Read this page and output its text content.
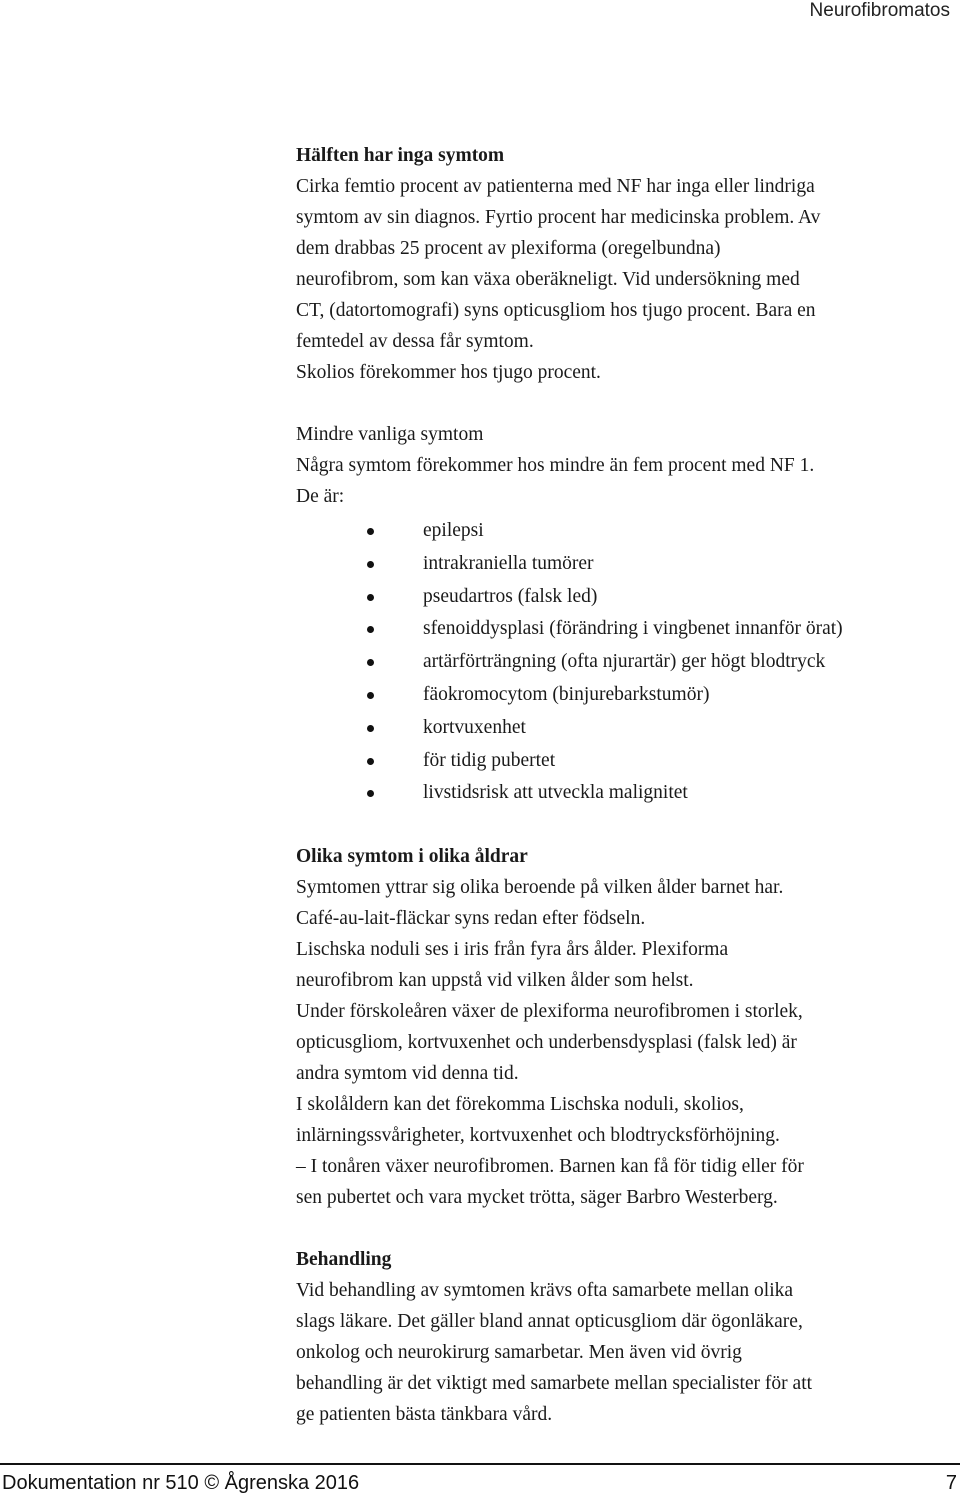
Neurofibromatos

Hälften har inga symtom

Cirka femtio procent av patienterna med NF har inga eller lindriga

symtom av sin diagnos. Fyrtio procent har medicinska problem. Av

dem drabbas 25 procent av plexiforma (oregelbundna)

neurofibrom, som kan växa oberäkneligt. Vid undersökning med

CT, (datortomografi) syns opticusgliom hos tjugo procent. Bara en

femtedel av dessa får symtom.

Skolios förekommer hos tjugo procent.

Mindre vanliga symtom

Några symtom förekommer hos mindre än fem procent med NF 1.

De är:

epilepsi
intrakraniella tumörer
pseudartros (falsk led)
sfenoiddysplasi (förändring i vingbenet innanför örat)
artärförträngning (ofta njurartär) ger högt blodtryck
fäokromocytom (binjurebarkstumör)
kortvuxenhet
för tidig pubertet
livstidsrisk att utveckla malignitet

Olika symtom i olika åldrar

Symtomen yttrar sig olika beroende på vilken ålder barnet har.

Café-au-lait-fläckar syns redan efter födseln.

Lischska noduli ses i iris från fyra års ålder. Plexiforma

neurofibrom kan uppstå vid vilken ålder som helst.

Under förskoleåren växer de plexiforma neurofibromen i storlek,

opticusgliom, kortvuxenhet och underbensdysplasi (falsk led) är

andra symtom vid denna tid.

I skolåldern kan det förekomma Lischska noduli, skolios,

inlärningssvårigheter, kortvuxenhet och blodtrycksförhöjning.

– I tonåren växer neurofibromen. Barnen kan få för tidig eller för

sen pubertet och vara mycket trötta, säger Barbro Westerberg.

Behandling

Vid behandling av symtomen krävs ofta samarbete mellan olika

slags läkare. Det gäller bland annat opticusgliom där ögonläkare,

onkolog och neurokirurg samarbetar. Men även vid övrig

behandling är det viktigt med samarbete mellan specialister för att

ge patienten bästa tänkbara vård.

Dokumentation nr 510 © Ågrenska 2016	7
